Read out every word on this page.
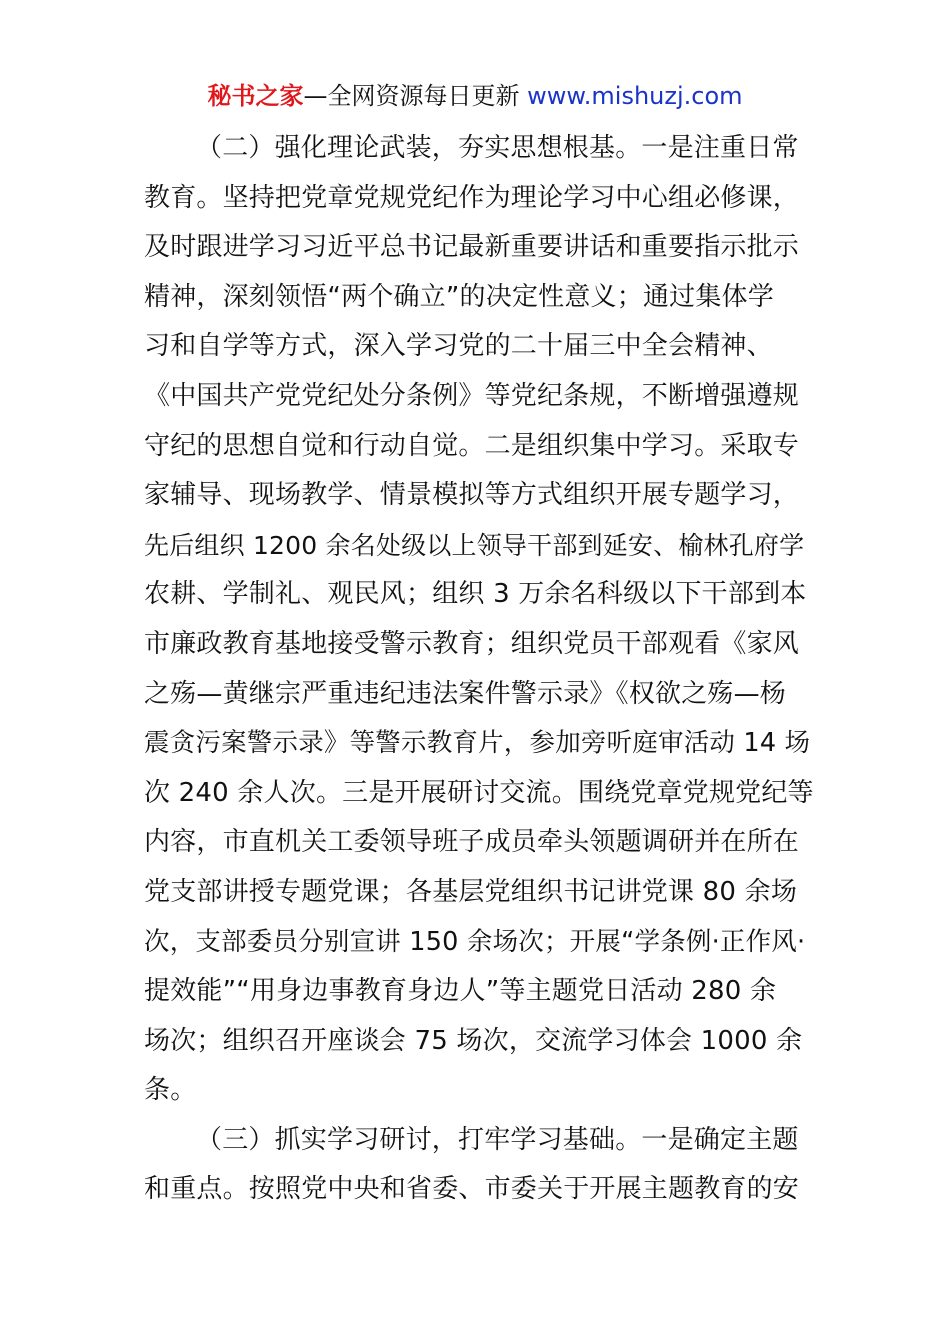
秘书之家—全网资源每日更新 www.mishuzj.com
（二）强化理论武装，夯实思想根基。一是注重日常
教育。坚持把党章党规党纪作为理论学习中心组必修课，
及时跟进学习习近平总书记最新重要讲话和重要指示批示
精神，深刻领悟“两个确立”的决定性意义；通过集体学
习和自学等方式，深入学习党的二十届三中全会精神、
《中国共产党党纪处分条例》等党纪条规，不断增强遵规
守纪的思想自觉和行动自觉。二是组织集中学习。采取专
家辅导、现场教学、情景模拟等方式组织开展专题学习，
先后组织 1200 余名处级以上领导干部到延安、榆林孔府学
农耕、学制礼、观民风；组织 3 万余名科级以下干部到本
市廉政教育基地接受警示教育；组织党员干部观看《家风
之殇—黄继宗严重违纪违法案件警示录》《权欲之殇—杨
震贪污案警示录》等警示教育片，参加旁听庭审活动 14 场
次 240 余人次。三是开展研讨交流。围绕党章党规党纪等
内容，市直机关工委领导班子成员牵头领题调研并在所在
党支部讲授专题党课；各基层党组织书记讲党课 80 余场
次，支部委员分别宣讲 150 余场次；开展“学条例·正作风·
提效能”“用身边事教育身边人”等主题党日活动 280 余
场次；组织召开座谈会 75 场次，交流学习体会 1000 余
条。
（三）抓实学习研讨，打牢学习基础。一是确定主题
和重点。按照党中央和省委、市委关于开展主题教育的安
